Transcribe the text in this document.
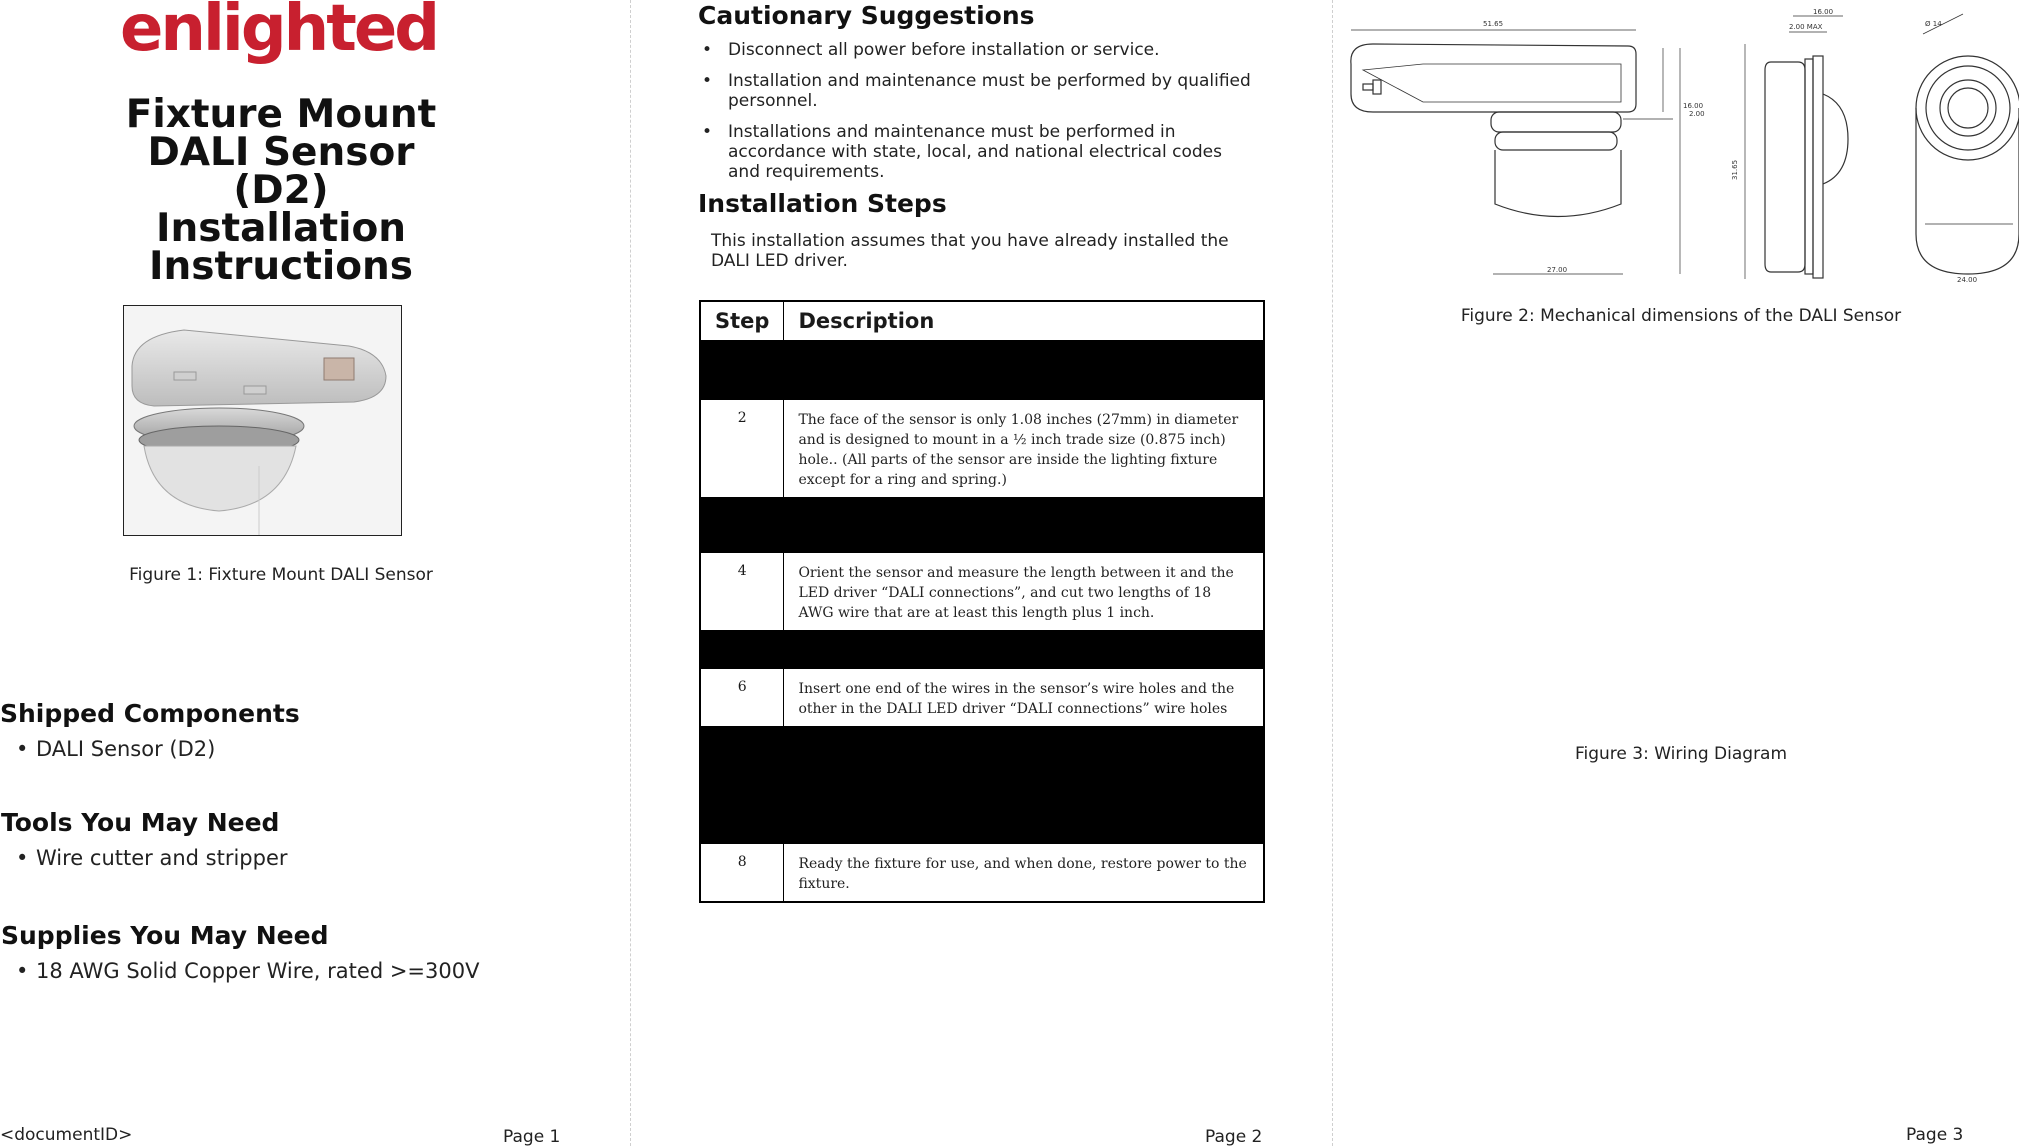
enlighted
Fixture Mount
DALI Sensor (D2)
Installation
Instructions
Figure 1: Fixture Mount DALI Sensor
Shipped Components
• DALI Sensor (D2)
Tools You May Need
• Wire cutter and stripper
Supplies You May Need
• 18 AWG Solid Copper Wire, rated >=300V
<documentID>	Page 1
Cautionary Suggestions
• Disconnect all power before installation or service.
• Installation and maintenance must be performed by qualified personnel.
• Installations and maintenance must be performed in accordance with state, local, and national electrical codes and requirements.
Installation Steps
This installation assumes that you have already installed the DALI LED driver.
Step	Description

2	The face of the sensor is only 1.08 inches (27mm) in diameter and is designed to mount in a ½ inch trade size (0.875 inch) hole.. (All parts of the sensor are inside the lighting fixture except for a ring and spring.)

4	Orient the sensor and measure the length between it and the LED driver “DALI connections”, and cut two lengths of 18 AWG wire that are at least this length plus 1 inch.

6	Insert one end of the wires in the sensor’s wire holes and the other in the DALI LED driver “DALI connections” wire holes

8	Ready the fixture for use, and when done, restore power to the fixture.
Page 2
51.65
2.00
16.00
27.00
16.00
2.00 MAX
24.00
31.65
Ø 14
Figure 2: Mechanical dimensions of the DALI Sensor
Figure 3: Wiring Diagram
Page 3
